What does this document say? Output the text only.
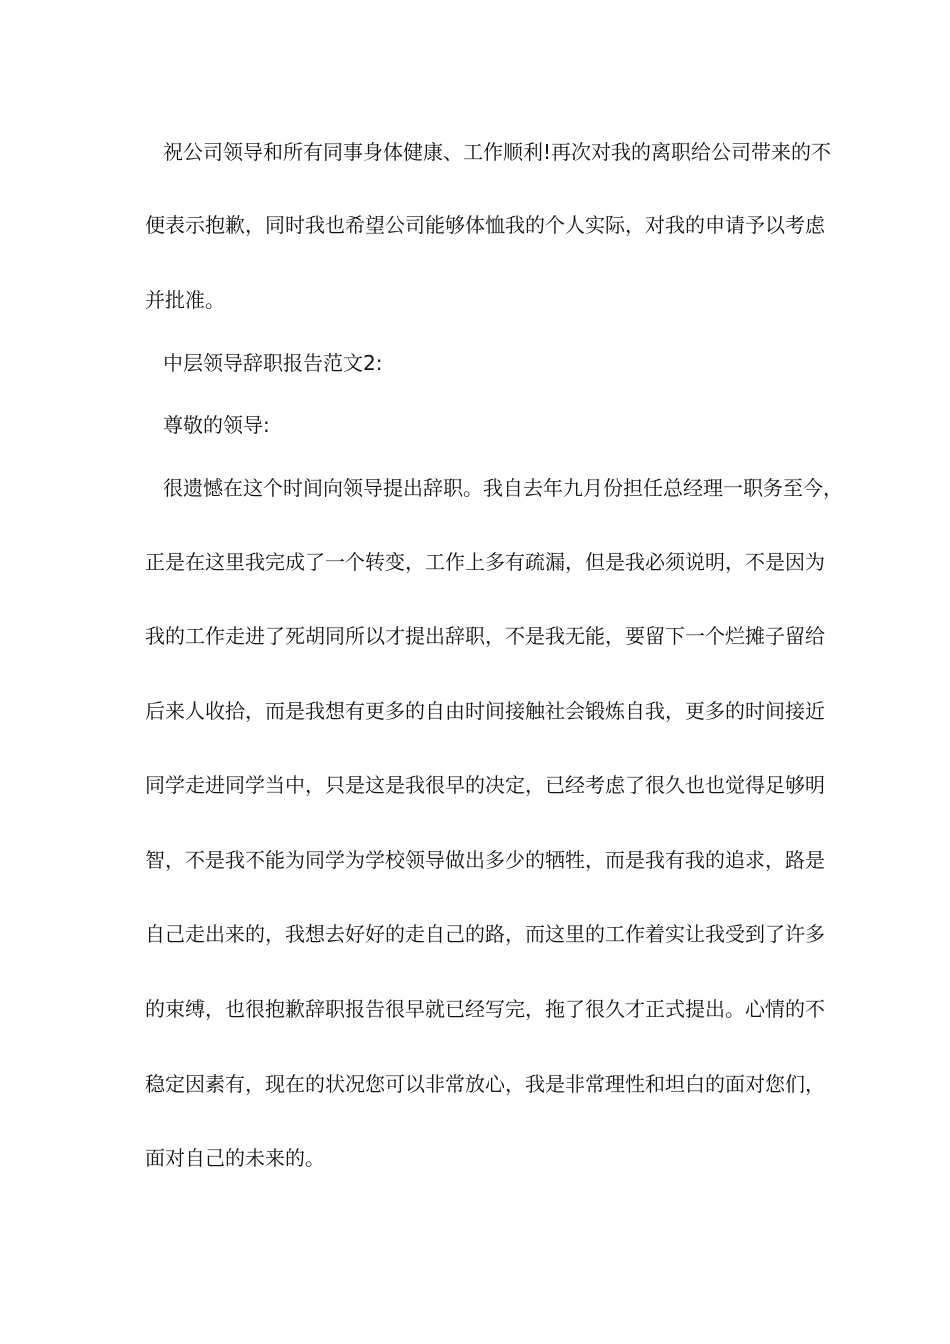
祝公司领导和所有同事身体健康、工作顺利!再次对我的离职给公司带来的不
便表示抱歉，同时我也希望公司能够体恤我的个人实际，对我的申请予以考虑
并批准。
中层领导辞职报告范文2:
尊敬的领导:
很遗憾在这个时间向领导提出辞职。我自去年九月份担任总经理一职务至今，
正是在这里我完成了一个转变，工作上多有疏漏，但是我必须说明，不是因为
我的工作走进了死胡同所以才提出辞职，不是我无能，要留下一个烂摊子留给
后来人收拾，而是我想有更多的自由时间接触社会锻炼自我，更多的时间接近
同学走进同学当中，只是这是我很早的决定，已经考虑了很久也也觉得足够明
智，不是我不能为同学为学校领导做出多少的牺牲，而是我有我的追求，路是
自己走出来的，我想去好好的走自己的路，而这里的工作着实让我受到了许多
的束缚，也很抱歉辞职报告很早就已经写完，拖了很久才正式提出。心情的不
稳定因素有，现在的状况您可以非常放心，我是非常理性和坦白的面对您们，
面对自己的未来的。
